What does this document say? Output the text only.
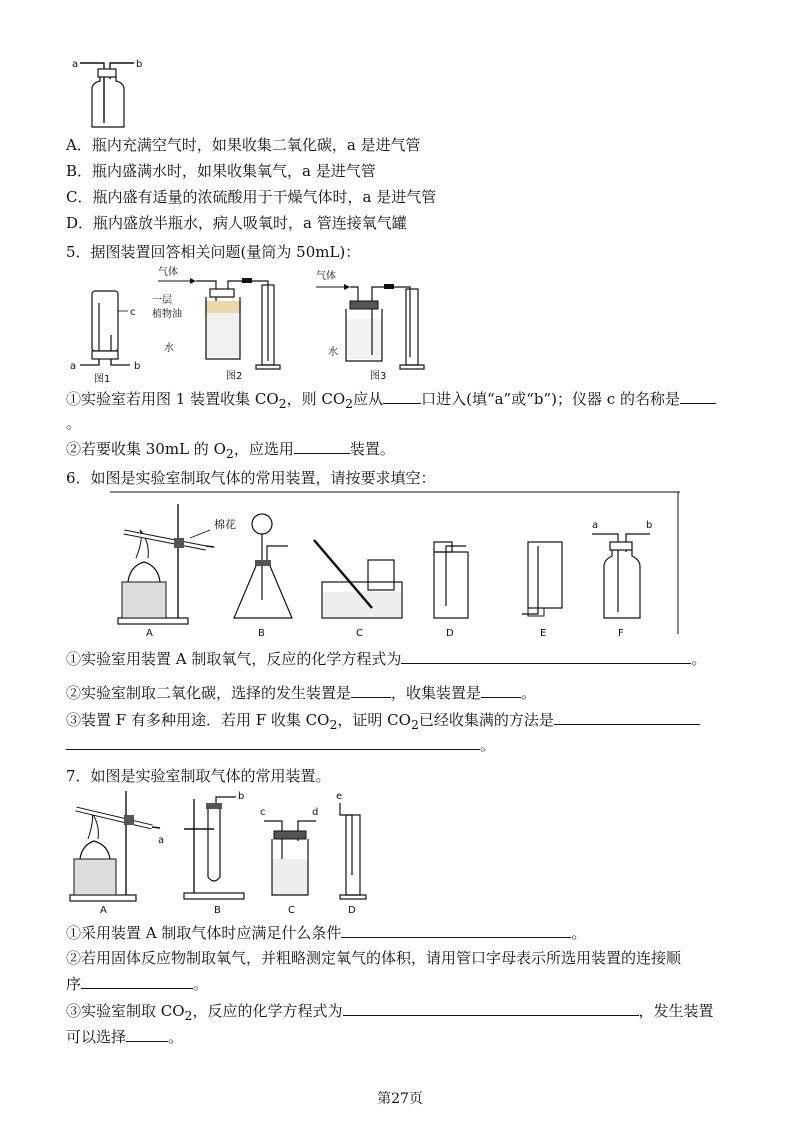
a	b
A．瓶内充满空气时，如果收集二氧化碳，a 是进气管
B．瓶内盛满水时，如果收集氧气，a 是进气管
C．瓶内盛有适量的浓硫酸用于干燥气体时，a 是进气管
D．瓶内盛放半瓶水，病人吸氧时，a 管连接氧气罐
5．据图装置回答相关问题(量筒为 50mL)：
c
a	b
图1
气体
一层
植物油
水
图2
气体
水
图3
①实验室若用图 1 装置收集 $CO_2$，则 $CO_2$应从	口进入(填“a”或“b”)；仪器 c 的名称是
。
②若要收集 30mL 的 $O_2$，应选用	装置。
6．如图是实验室制取气体的常用装置，请按要求填空：
棉花
A	B	C	D	E
a	b
F
①实验室用装置 A 制取氧气，反应的化学方程式为	。
②实验室制取二氧化碳，选择的发生装置是	，收集装置是	。
③装置 F 有多种用途．若用 F 收集 $CO_2$，证明 $CO_2$已经收集满的方法是
。
7．如图是实验室制取气体的常用装置。
a
A
b
B
c	d
C
e
D
①采用装置 A 制取气体时应满足什么条件	。
②若用固体反应物制取氧气，并粗略测定氧气的体积，请用管口字母表示所选用装置的连接顺
序	。
③实验室制取 $CO_2$，反应的化学方程式为	，发生装置
可以选择	。
第27页
